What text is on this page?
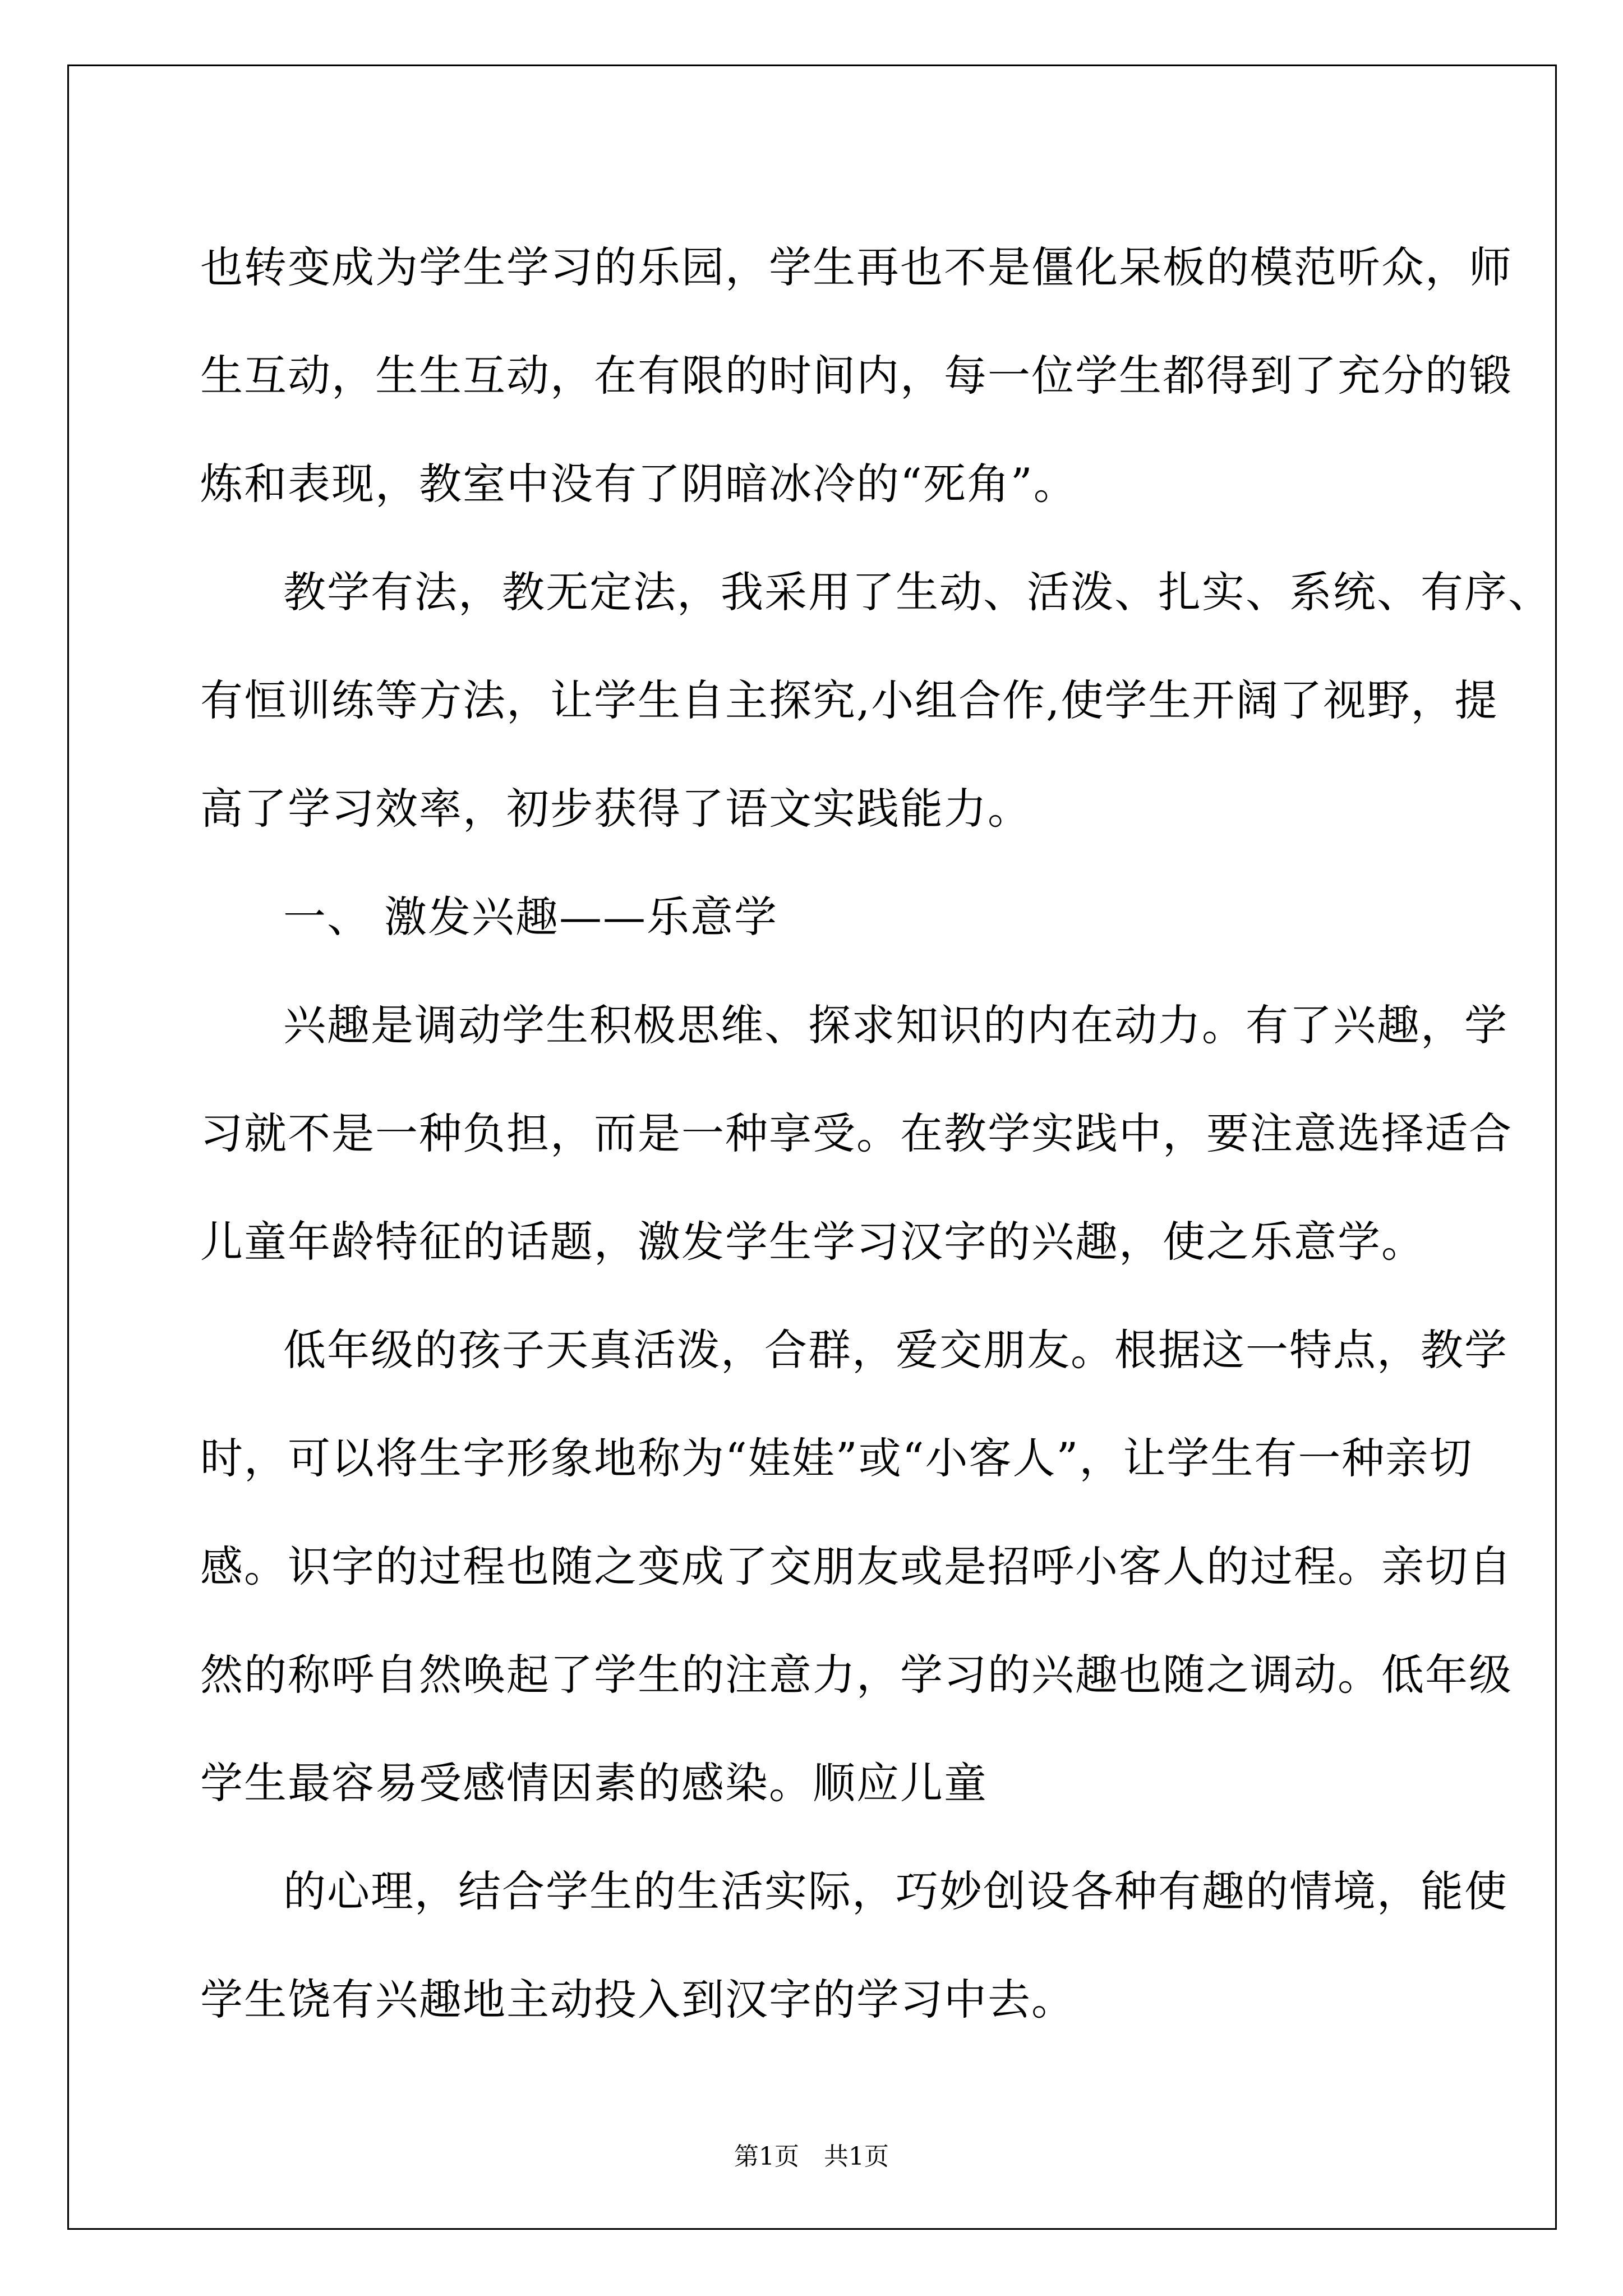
也转变成为学生学习的乐园，学生再也不是僵化呆板的模范听众，师
生互动，生生互动，在有限的时间内，每一位学生都得到了充分的锻
炼和表现，教室中没有了阴暗冰冷的“死角”。
教学有法，教无定法，我采用了生动、活泼、扎实、系统、有序、
有恒训练等方法，让学生自主探究,小组合作,使学生开阔了视野，提
高了学习效率，初步获得了语文实践能力。
一、 激发兴趣——乐意学
兴趣是调动学生积极思维、探求知识的内在动力。有了兴趣，学
习就不是一种负担，而是一种享受。在教学实践中，要注意选择适合
儿童年龄特征的话题，激发学生学习汉字的兴趣，使之乐意学。
低年级的孩子天真活泼，合群，爱交朋友。根据这一特点，教学
时，可以将生字形象地称为“娃娃”或“小客人”，让学生有一种亲切
感。识字的过程也随之变成了交朋友或是招呼小客人的过程。亲切自
然的称呼自然唤起了学生的注意力，学习的兴趣也随之调动。低年级
学生最容易受感情因素的感染。顺应儿童
的心理，结合学生的生活实际，巧妙创设各种有趣的情境，能使
学生饶有兴趣地主动投入到汉字的学习中去。
第1页 共1页
